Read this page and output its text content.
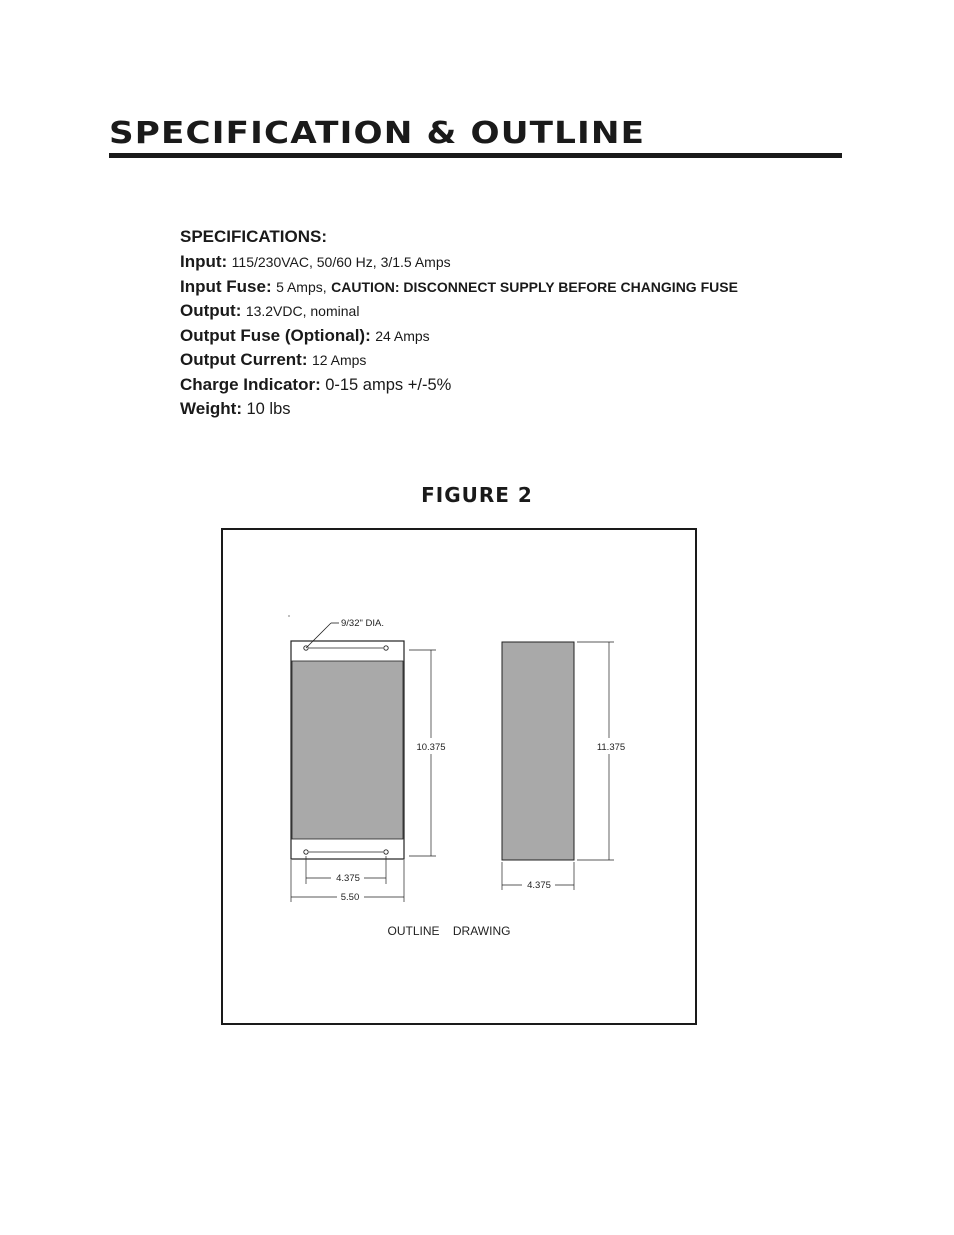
SPECIFICATION & OUTLINE
SPECIFICATIONS:
Input: 115/230VAC, 50/60 Hz, 3/1.5 Amps
Input Fuse: 5 Amps, CAUTION: DISCONNECT SUPPLY BEFORE CHANGING FUSE
Output: 13.2VDC, nominal
Output Fuse (Optional): 24 Amps
Output Current: 12 Amps
Charge Indicator: 0-15 amps +/-5%
Weight: 10 lbs
FIGURE 2
9/32" DIA.
10.375
4.375
5.50
11.375
4.375
OUTLINE    DRAWING
